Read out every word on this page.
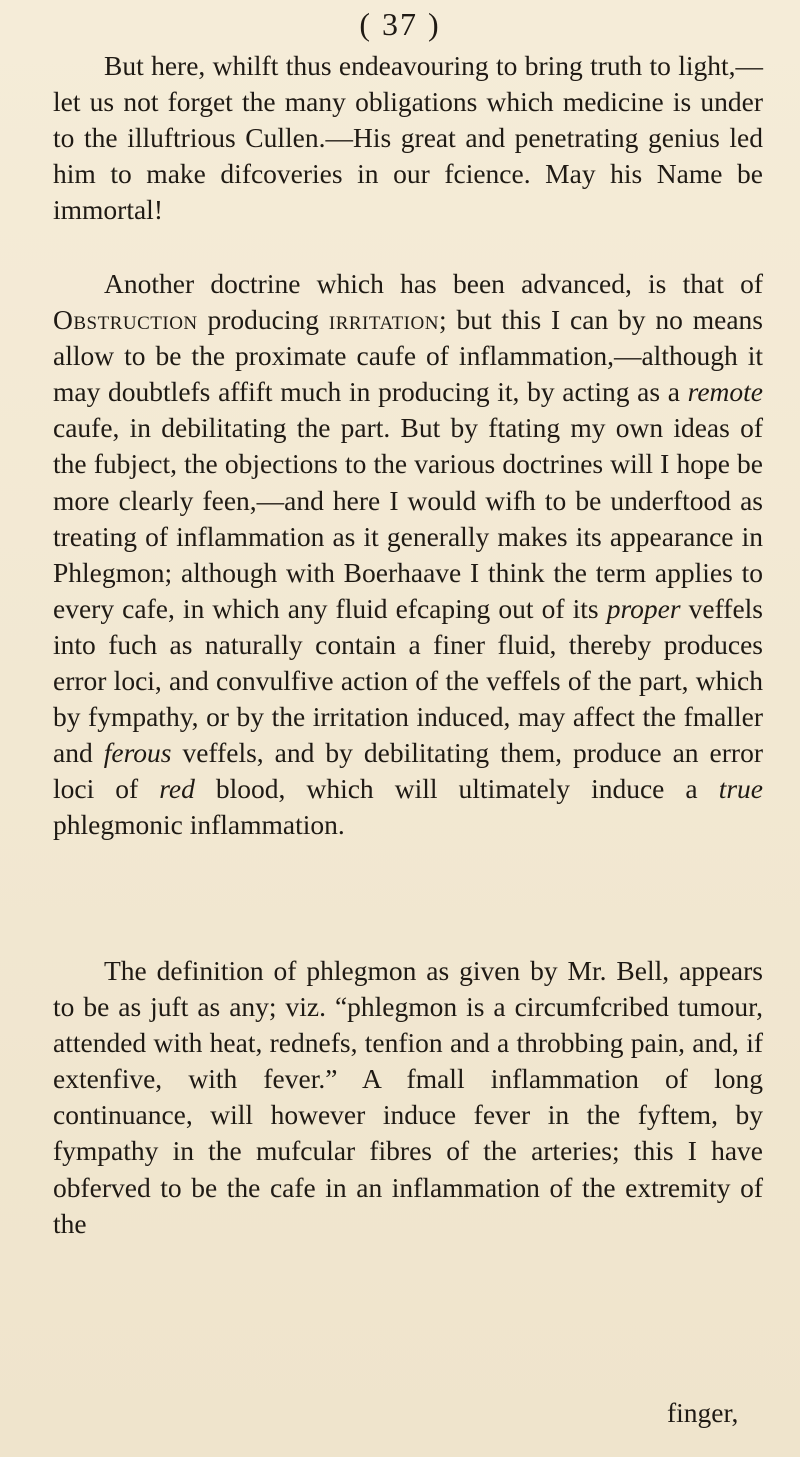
( 37 )

But here, whilft thus endeavouring to bring truth to light,—let us not forget the many obligations which medicine is under to the illuftrious Cullen.—His great and penetrating genius led him to make difcoveries in our fcience. May his Name be immortal!

Another doctrine which has been advanced, is that of Obstruction producing irritation; but this I can by no means allow to be the proximate caufe of inflammation,—although it may doubtlefs affift much in producing it, by acting as a remote caufe, in debilitating the part. But by ftating my own ideas of the fubject, the objections to the various doctrines will I hope be more clearly feen,—and here I would wifh to be underftood as treating of inflammation as it generally makes its appearance in Phlegmon; although with Boerhaave I think the term applies to every cafe, in which any fluid efcaping out of its proper veffels into fuch as naturally contain a finer fluid, thereby produces error loci, and convulfive action of the veffels of the part, which by fympathy, or by the irritation induced, may affect the fmaller and ferous veffels, and by debilitating them, produce an error loci of red blood, which will ultimately induce a true phlegmonic inflammation.

The definition of phlegmon as given by Mr. Bell, appears to be as juft as any; viz. “phlegmon is a circumfcribed tumour, attended with heat, rednefs, tenfion and a throbbing pain, and, if extenfive, with fever.” A fmall inflammation of long continuance, will however induce fever in the fyftem, by fympathy in the mufcular fibres of the arteries; this I have obferved to be the cafe in an inflammation of the extremity of the

finger,
